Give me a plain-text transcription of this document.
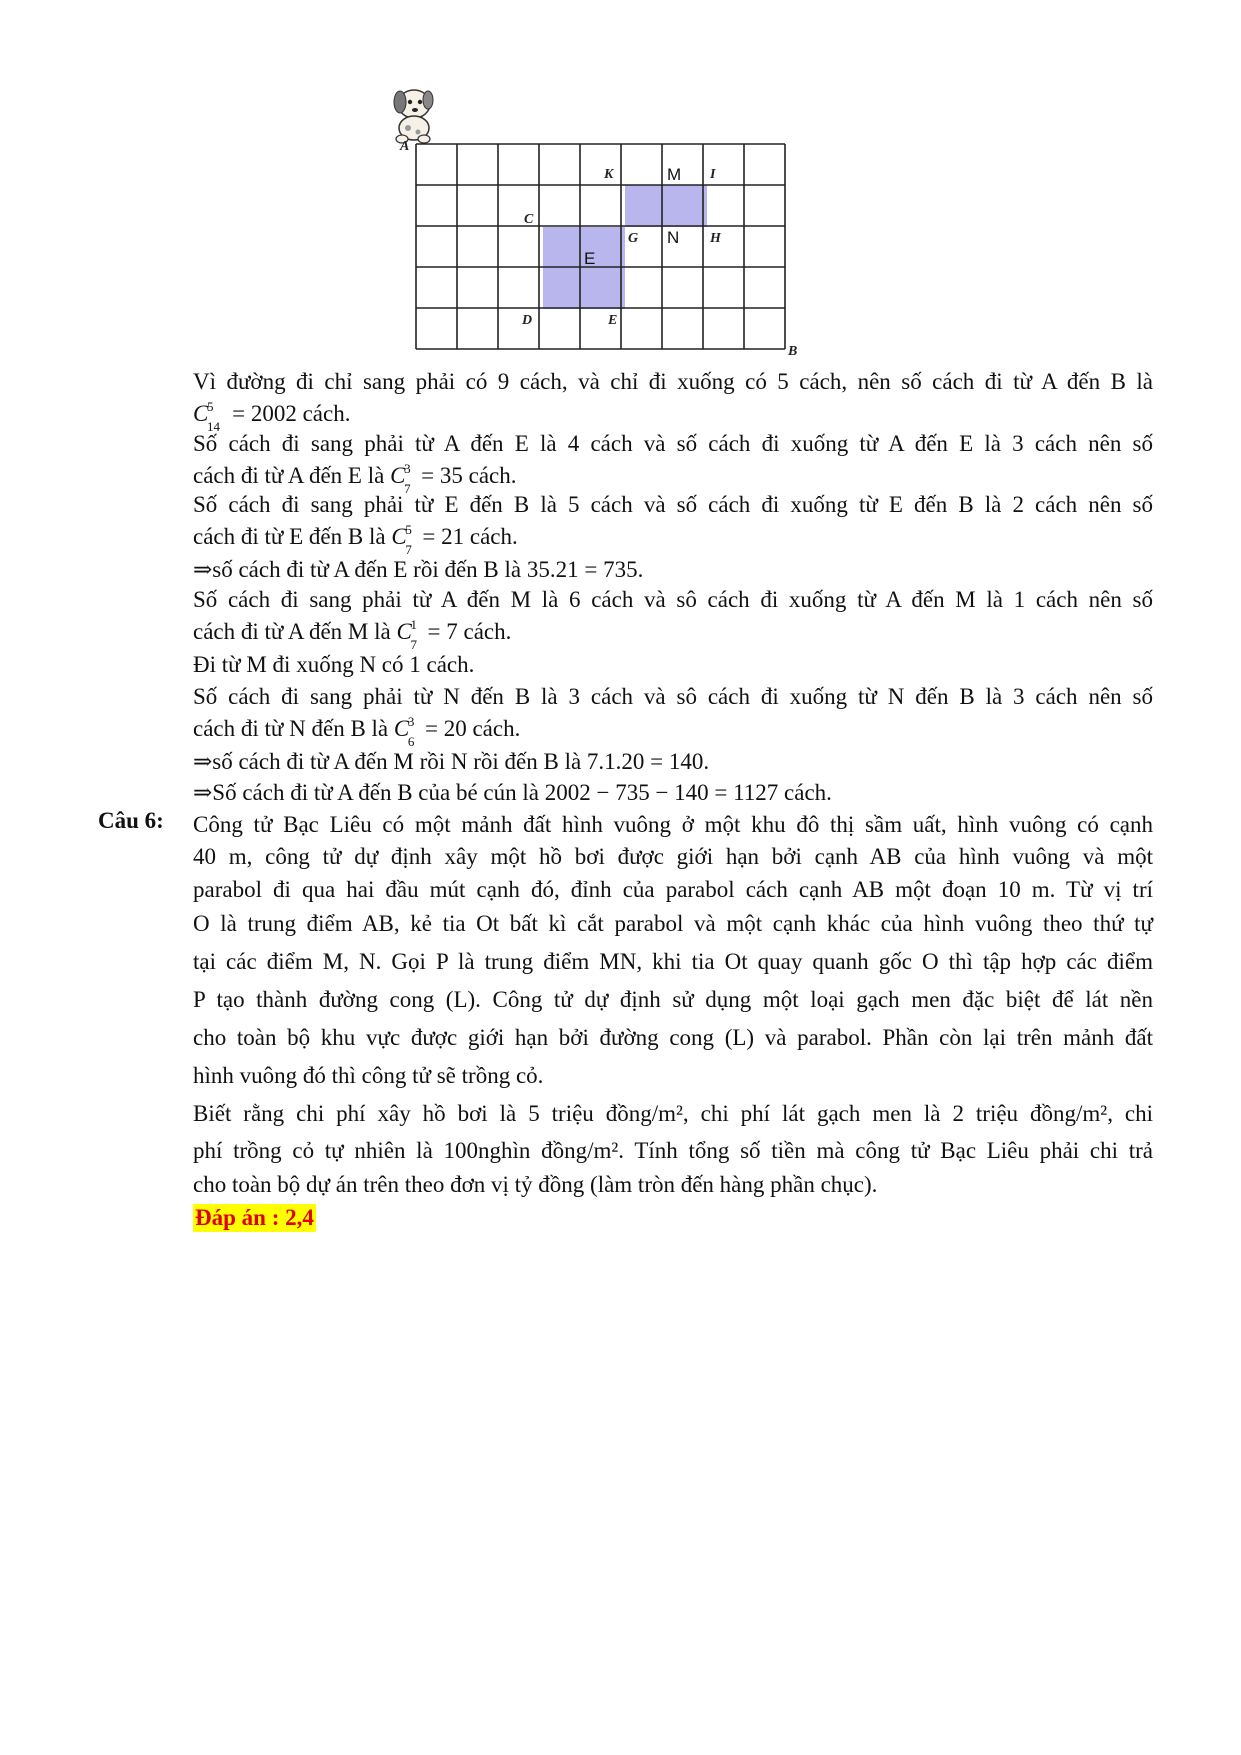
A
B
K	I
C
G	H
D	E
M
N
E
Vì đường đi chỉ sang phải có 9 cách, và chỉ đi xuống có 5 cách, nên số cách đi từ A đến B là
C
5
14
= 2002 cách.
Số cách đi sang phải từ A đến E là 4 cách và số cách đi xuống từ A đến E là 3 cách nên số
cách đi từ A đến E là C
3
7
= 35 cách.
Số cách đi sang phải từ E đến B là 5 cách và số cách đi xuống từ E đến B là 2 cách nên số
cách đi từ E đến B là C
5
7
= 21 cách.
⇒số cách đi từ A đến E rồi đến B là 35.21 = 735.
Số cách đi sang phải từ A đến M là 6 cách và sô cách đi xuống từ A đến M là 1 cách nên số
cách đi từ A đến M là C
1
7
= 7 cách.
Đi từ M đi xuống N có 1 cách.
Số cách đi sang phải từ N đến B là 3 cách và sô cách đi xuống từ N đến B là 3 cách nên số
cách đi từ N đến B là C
3
6
= 20 cách.
⇒số cách đi từ A đến M rồi N rồi đến B là 7.1.20 = 140.
⇒Số cách đi từ A đến B của bé cún là 2002 − 735 − 140 = 1127 cách.
Câu 6: Công tử Bạc Liêu có một mảnh đất hình vuông ở một khu đô thị sầm uất, hình vuông có cạnh
40 m, công tử dự định xây một hồ bơi được giới hạn bởi cạnh AB của hình vuông và một
parabol đi qua hai đầu mút cạnh đó, đỉnh của parabol cách cạnh AB một đoạn 10 m. Từ vị trí
O là trung điểm AB, kẻ tia Ot bất kì cắt parabol và một cạnh khác của hình vuông theo thứ tự
tại các điểm M, N. Gọi P là trung điểm MN, khi tia Ot quay quanh gốc O thì tập hợp các điểm
P tạo thành đường cong (L). Công tử dự định sử dụng một loại gạch men đặc biệt để lát nền
cho toàn bộ khu vực được giới hạn bởi đường cong (L) và parabol. Phần còn lại trên mảnh đất
hình vuông đó thì công tử sẽ trồng cỏ.
Biết rằng chi phí xây hồ bơi là 5 triệu đồng/m², chi phí lát gạch men là 2 triệu đồng/m², chi
phí trồng cỏ tự nhiên là 100nghìn đồng/m². Tính tổng số tiền mà công tử Bạc Liêu phải chi trả
cho toàn bộ dự án trên theo đơn vị tỷ đồng (làm tròn đến hàng phần chục).
Đáp án : 2,4
